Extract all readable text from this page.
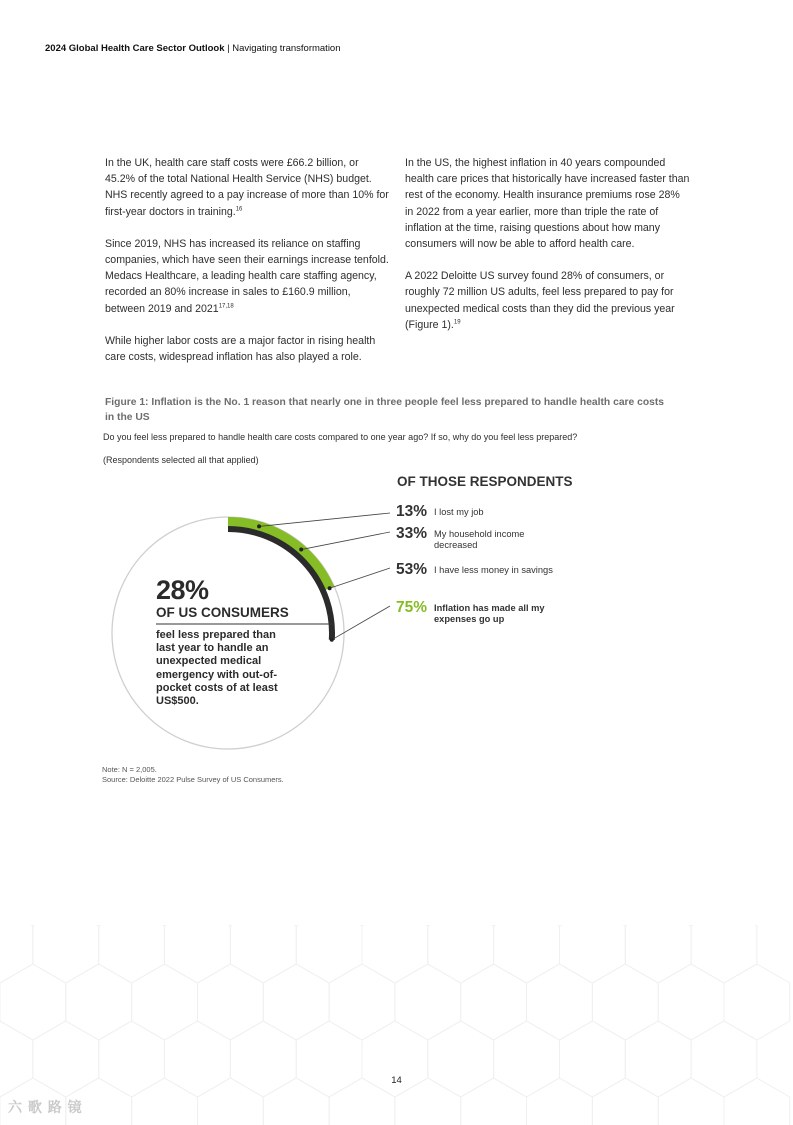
2024 Global Health Care Sector Outlook | Navigating transformation

In the UK, health care staff costs were £66.2 billion, or 45.2% of the total National Health Service (NHS) budget. NHS recently agreed to a pay increase of more than 10% for first-year doctors in training.$^{16}$

Since 2019, NHS has increased its reliance on staffing companies, which have seen their earnings increase tenfold. Medacs Healthcare, a leading health care staffing agency, recorded an 80% increase in sales to £160.9 million, between 2019 and 2021$^{17,18}$

While higher labor costs are a major factor in rising health care costs, widespread inflation has also played a role.

In the US, the highest inflation in 40 years compounded health care prices that historically have increased faster than rest of the economy. Health insurance premiums rose 28% in 2022 from a year earlier, more than triple the rate of inflation at the time, raising questions about how many consumers will now be able to afford health care.

A 2022 Deloitte US survey found 28% of consumers, or roughly 72 million US adults, feel less prepared to pay for unexpected medical costs than they did the previous year (Figure 1).$^{19}$

Figure 1: Inflation is the No. 1 reason that nearly one in three people feel less prepared to handle health care costs in the US
Do you feel less prepared to handle health care costs compared to one year ago? If so, why do you feel less prepared?
(Respondents selected all that applied)
OF THOSE RESPONDENTS
13% I lost my job
33% My household income decreased
53% I have less money in savings
75% Inflation has made all my expenses go up
28%
OF US CONSUMERS
feel less prepared than last year to handle an unexpected medical emergency with out-of-pocket costs of at least US$500.
Note: N = 2,005.
Source: Deloitte 2022 Pulse Survey of US Consumers.
14
六 歌 路 镜
